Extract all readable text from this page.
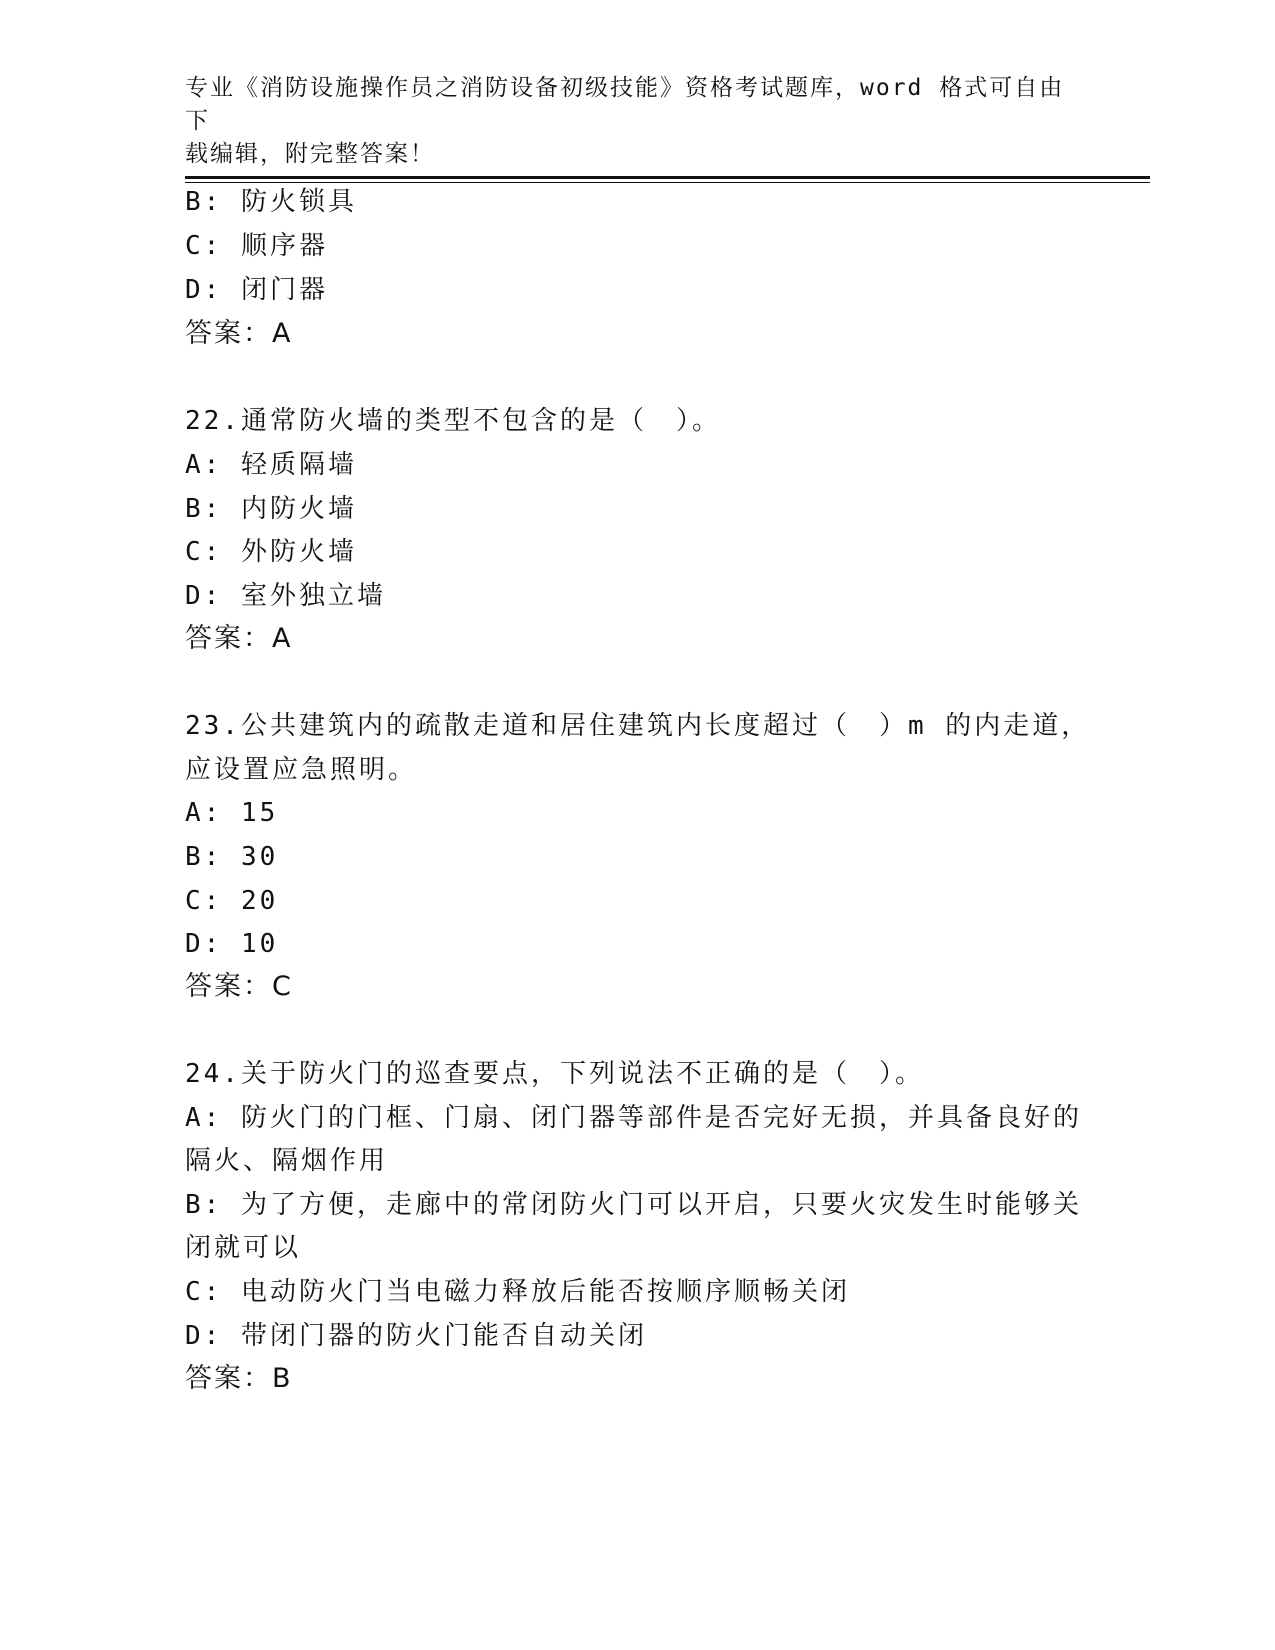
专业《消防设施操作员之消防设备初级技能》资格考试题库，word 格式可自由下
载编辑，附完整答案！
B: 防火锁具
C: 顺序器
D: 闭门器
答案：A
22.通常防火墙的类型不包含的是（　）。
A: 轻质隔墙
B: 内防火墙
C: 外防火墙
D: 室外独立墙
答案：A
23.公共建筑内的疏散走道和居住建筑内长度超过（　）m 的内走道，
应设置应急照明。
A: 15
B: 30
C: 20
D: 10
答案：C
24.关于防火门的巡查要点，下列说法不正确的是（　）。
A: 防火门的门框、门扇、闭门器等部件是否完好无损，并具备良好的
隔火、隔烟作用
B: 为了方便，走廊中的常闭防火门可以开启，只要火灾发生时能够关
闭就可以
C: 电动防火门当电磁力释放后能否按顺序顺畅关闭
D: 带闭门器的防火门能否自动关闭
答案：B
